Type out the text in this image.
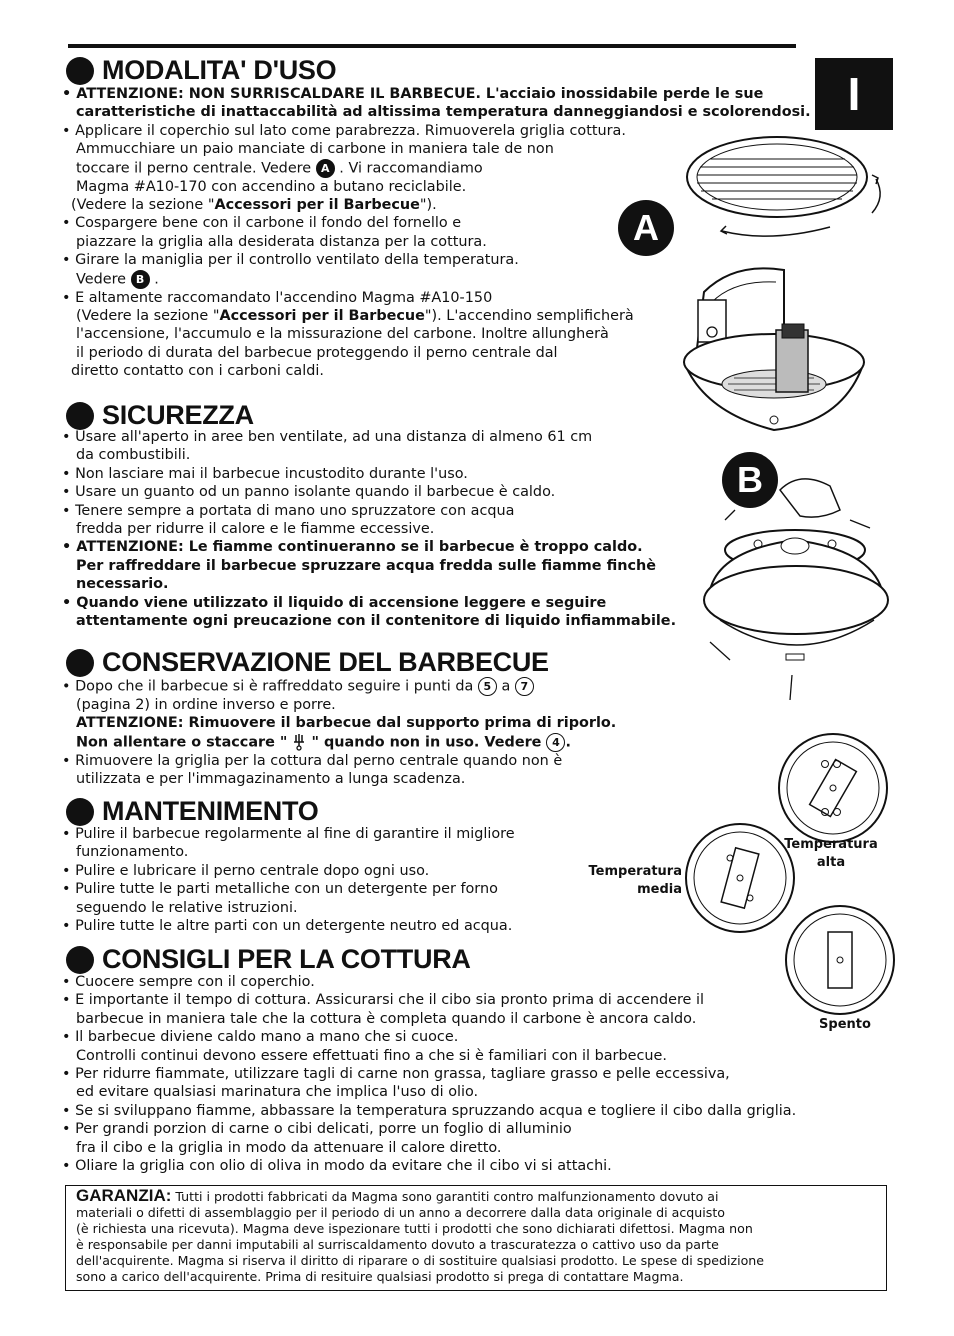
I
MODALITA' D'USO

• ATTENZIONE: NON SURRISCALDARE IL BARBECUE. L'acciaio inossidabile perde le sue

caratteristiche di inattaccabilità ad altissima temperatura danneggiandosi e scolorendosi.

• Applicare il coperchio sul lato come parabrezza. Rimuoverela griglia cottura.

Ammucchiare un paio manciate di carbone in maniera tale de non

toccare il perno centrale. Vedere A . Vi raccomandiamo

Magma #A10-170 con accendino a butano reciclabile.

(Vedere la sezione "Accessori per il Barbecue").

• Cospargere bene con il carbone il fondo del fornello e

piazzare la griglia alla desiderata distanza per la cottura.

• Girare la maniglia per il controllo ventilato della temperatura.

Vedere B .

• E altamente raccomandato l'accendino Magma #A10-150

(Vedere la sezione "Accessori per il Barbecue"). L'accendino semplificherà

l'accensione, l'accumulo e la missurazione del carbone. Inoltre allungherà

il periodo di durata del barbecue proteggendo il perno centrale dal

diretto contatto con i carboni caldi.

SICUREZZA

• Usare all'aperto in aree ben ventilate, ad una distanza di almeno 61 cm

da combustibili.

• Non lasciare mai il barbecue incustodito durante l'uso.

• Usare un guanto od un panno isolante quando il barbecue è caldo.

• Tenere sempre a portata di mano uno spruzzatore con acqua

fredda per ridurre il calore e le fiamme eccessive.

• ATTENZIONE: Le fiamme continueranno se il barbecue è troppo caldo.

Per raffreddare il barbecue spruzzare acqua fredda sulle fiamme finchè

necessario.

• Quando viene utilizzato il liquido di accensione leggere e seguire

attentamente ogni preucazione con il contenitore di liquido infiammabile.

CONSERVAZIONE DEL BARBECUE

• Dopo che il barbecue si è raffreddato seguire i punti da 5 a 7

(pagina 2) in ordine inverso e porre.

ATTENZIONE: Rimuovere il barbecue dal supporto prima di riporlo.

Non allentare o staccare " " quando non in uso. Vedere 4 .

• Rimuovere la griglia per la cottura dal perno centrale quando non è

utilizzata e per l'immagazinamento a lunga scadenza.

MANTENIMENTO

• Pulire il barbecue regolarmente al fine di garantire il migliore

funzionamento.

• Pulire e lubricare il perno centrale dopo ogni uso.

• Pulire tutte le parti metalliche con un detergente per forno

seguendo le relative istruzioni.

• Pulire tutte le altre parti con un detergente neutro ed acqua.

CONSIGLI PER LA COTTURA

• Cuocere sempre con il coperchio.

• E importante il tempo di cottura. Assicurarsi che il cibo sia pronto prima di accendere il

barbecue in maniera tale che la cottura è completa quando il carbone è ancora caldo.

• Il barbecue diviene caldo mano a mano che si cuoce.

Controlli continui devono essere effettuati fino a che si è familiari con il barbecue.

• Per ridurre fiammate, utilizzare tagli di carne non grassa, tagliare grasso e pelle eccessiva,

ed evitare qualsiasi marinatura che implica l'uso di olio.

• Se si sviluppano fiamme, abbassare la temperatura spruzzando acqua e togliere il cibo dalla griglia.

• Per grandi porzion di carne o cibi delicati, porre un foglio di alluminio

fra il cibo e la griglia in modo da attenuare il calore diretto.

• Oliare la griglia con olio di oliva in modo da evitare che il cibo vi si attachi.

A
B
Temperatura
alta
Temperatura
media
Spento
GARANZIA: Tutti i prodotti fabbricati da Magma sono garantiti contro malfunzionamento dovuto ai
materiali o difetti di assemblaggio per il periodo di un anno a decorrere dalla data originale di acquisto
(è richiesta una ricevuta). Magma deve ispezionare tutti i prodotti che sono dichiarati difettosi. Magma non
è responsabile per danni imputabili al surriscaldamento dovuto a trascuratezza o cattivo uso da parte
dell'acquirente. Magma si riserva il diritto di riparare o di sostituire qualsiasi prodotto. Le spese di spedizione
sono a carico dell'acquirente. Prima di resituire qualsiasi prodotto si prega di contattare Magma.
